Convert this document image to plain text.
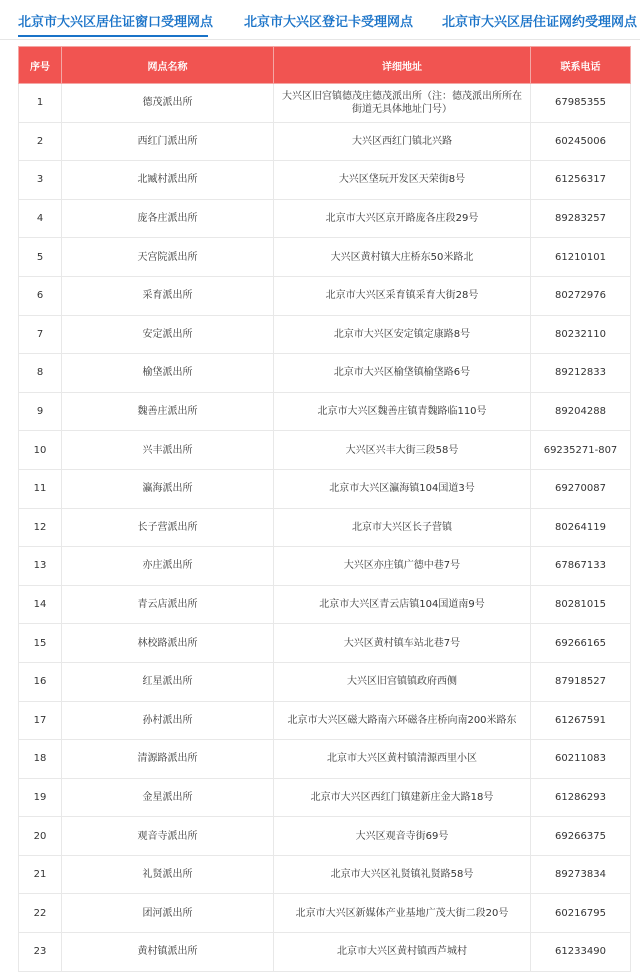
北京市大兴区居住证窗口受理网点 北京市大兴区登记卡受理网点 北京市大兴区居住证网约受理网点
序号	网点名称	详细地址	联系电话
1	德茂派出所	大兴区旧宫镇德茂庄德茂派出所（注：德茂派出所所在街道无具体地址门号）	67985355
2	西红门派出所	大兴区西红门镇北兴路	60245006
3	北臧村派出所	大兴区垡玩开发区天荣街8号	61256317
4	庞各庄派出所	北京市大兴区京开路庞各庄段29号	89283257
5	天宫院派出所	大兴区黄村镇大庄桥东50米路北	61210101
6	采育派出所	北京市大兴区采育镇采育大街28号	80272976
7	安定派出所	北京市大兴区安定镇定康路8号	80232110
8	榆垡派出所	北京市大兴区榆垡镇榆垡路6号	89212833
9	魏善庄派出所	北京市大兴区魏善庄镇青魏路临110号	89204288
10	兴丰派出所	大兴区兴丰大街三段58号	69235271-807
11	瀛海派出所	北京市大兴区瀛海镇104国道3号	69270087
12	长子营派出所	北京市大兴区长子营镇	80264119
13	亦庄派出所	大兴区亦庄镇广德中巷7号	67867133
14	青云店派出所	北京市大兴区青云店镇104国道南9号	80281015
15	林校路派出所	大兴区黄村镇车站北巷7号	69266165
16	红星派出所	大兴区旧宫镇镇政府西侧	87918527
17	孙村派出所	北京市大兴区磁大路南六环磁各庄桥向南200米路东	61267591
18	清源路派出所	北京市大兴区黄村镇清源西里小区	60211083
19	金星派出所	北京市大兴区西红门镇建新庄金大路18号	61286293
20	观音寺派出所	大兴区观音寺街69号	69266375
21	礼贤派出所	北京市大兴区礼贤镇礼贤路58号	89273834
22	团河派出所	北京市大兴区新媒体产业基地广茂大街二段20号	60216795
23	黄村镇派出所	北京市大兴区黄村镇西芦城村	61233490
